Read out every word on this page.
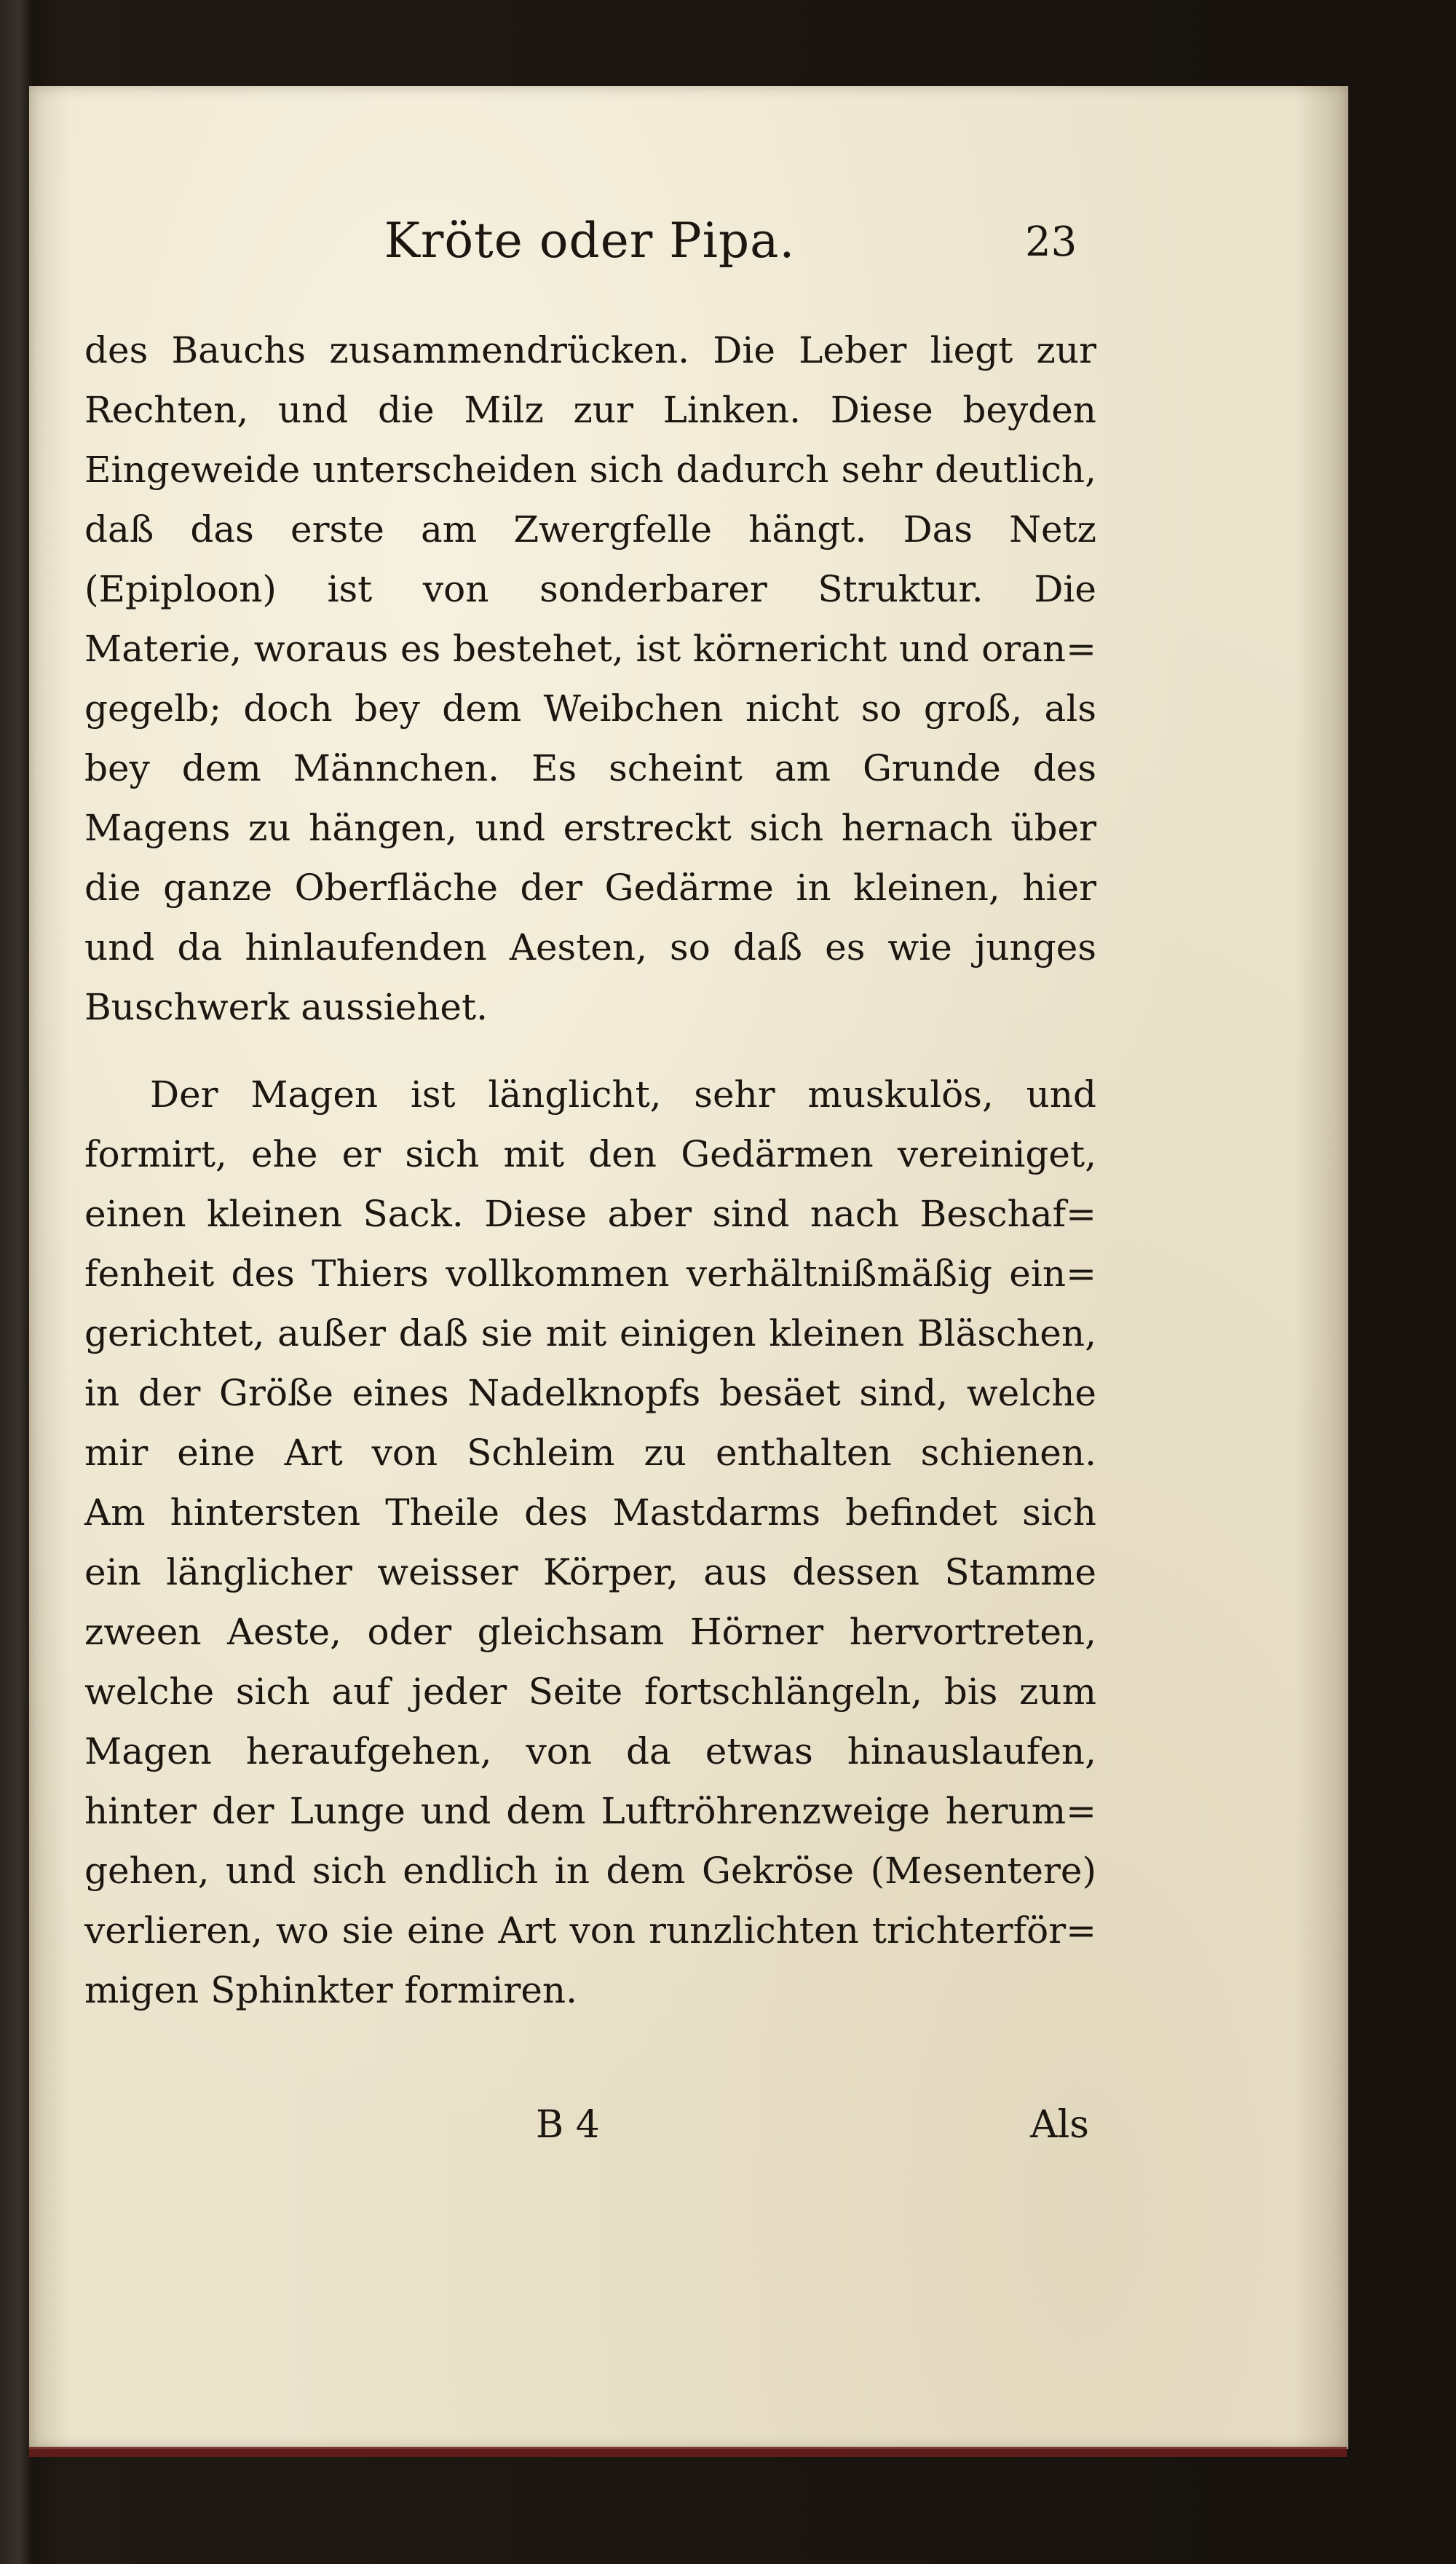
Kröte oder Pipa.	23
des Bauchs zusammendrücken. Die Leber liegt zur
Rechten, und die Milz zur Linken. Diese beyden
Eingeweide unterscheiden sich dadurch sehr deutlich,
daß das erste am Zwergfelle hängt. Das Netz
(Epiploon) ist von sonderbarer Struktur. Die
Materie, woraus es bestehet, ist körnericht und oran=
gegelb; doch bey dem Weibchen nicht so groß, als
bey dem Männchen. Es scheint am Grunde des
Magens zu hängen, und erstreckt sich hernach über
die ganze Oberfläche der Gedärme in kleinen, hier
und da hinlaufenden Aesten, so daß es wie junges
Buschwerk aussiehet.
Der Magen ist länglicht, sehr muskulös, und
formirt, ehe er sich mit den Gedärmen vereiniget,
einen kleinen Sack. Diese aber sind nach Beschaf=
fenheit des Thiers vollkommen verhältnißmäßig ein=
gerichtet, außer daß sie mit einigen kleinen Bläschen,
in der Größe eines Nadelknopfs besäet sind, welche
mir eine Art von Schleim zu enthalten schienen.
Am hintersten Theile des Mastdarms befindet sich
ein länglicher weisser Körper, aus dessen Stamme
zween Aeste, oder gleichsam Hörner hervortreten,
welche sich auf jeder Seite fortschlängeln, bis zum
Magen heraufgehen, von da etwas hinauslaufen,
hinter der Lunge und dem Luftröhrenzweige herum=
gehen, und sich endlich in dem Gekröse (Mesentere)
verlieren, wo sie eine Art von runzlichten trichterför=
migen Sphinkter formiren.
B 4	Als
